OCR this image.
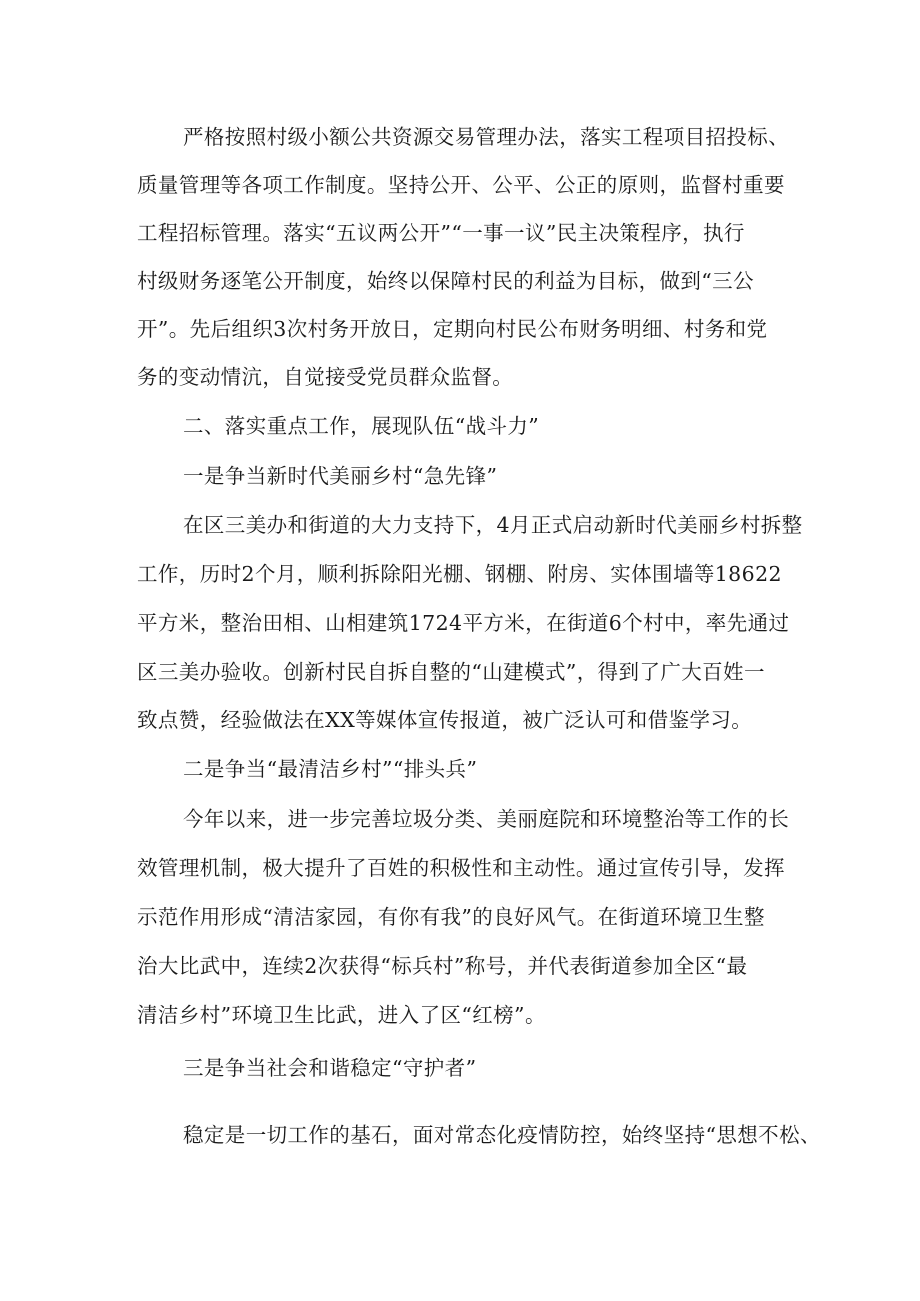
严格按照村级小额公共资源交易管理办法，落实工程项目招投标、

质量管理等各项工作制度。坚持公开、公平、公正的原则，监督村重要

工程招标管理。落实“五议两公开”“一事一议”民主决策程序，执行

村级财务逐笔公开制度，始终以保障村民的利益为目标，做到“三公

开”。先后组织3次村务开放日，定期向村民公布财务明细、村务和党

务的变动情沆，自觉接受党员群众监督。

二、落实重点工作，展现队伍“战斗力”

一是争当新时代美丽乡村“急先锋”

在区三美办和街道的大力支持下，4月正式启动新时代美丽乡村拆整

工作，历时2个月，顺利拆除阳光棚、钢棚、附房、实体围墙等18622

平方米，整治田相、山相建筑1724平方米，在街道6个村中，率先通过

区三美办验收。创新村民自拆自整的“山建模式”，得到了广大百姓一

致点赞，经验做法在XX等媒体宣传报道，被广泛认可和借鉴学习。

二是争当“最清洁乡村”“排头兵”

今年以来，进一步完善垃圾分类、美丽庭院和环境整治等工作的长

效管理机制，极大提升了百姓的积极性和主动性。通过宣传引导，发挥

示范作用形成“清洁家园，有你有我”的良好风气。在街道环境卫生整

治大比武中，连续2次获得“标兵村”称号，并代表街道参加全区“最

清洁乡村”环境卫生比武，进入了区“红榜”。

三是争当社会和谐稳定“守护者”

稳定是一切工作的基石，面对常态化疫情防控，始终坚持“思想不松、
